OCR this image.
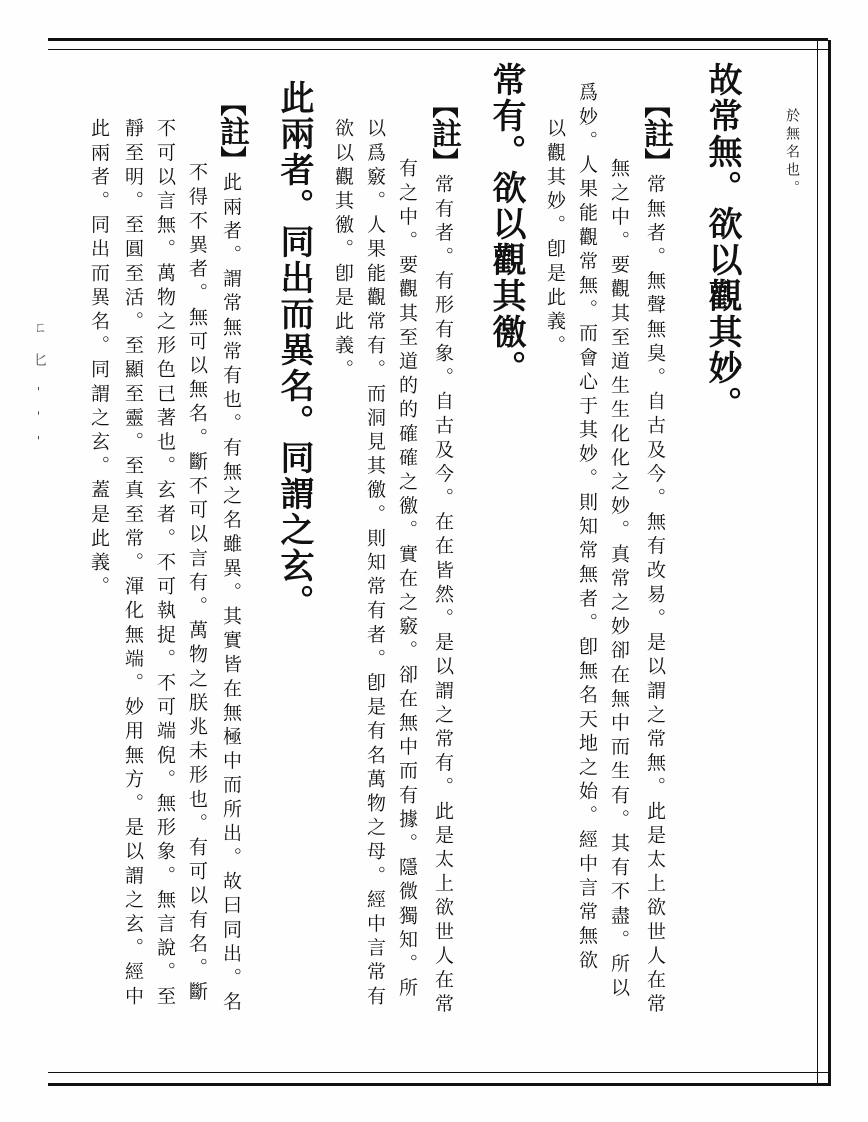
ㄈ 匕 - - -
於無名也。
故常無。欲以觀其妙。
【註】常無者。無聲無臭。自古及今。無有改易。是以謂之常無。此是太上欲世人在常
無之中。要觀其至道生生化化之妙。真常之妙卻在無中而生有。其有不盡。所以
爲妙。人果能觀常無。而會心于其妙。則知常無者。卽無名天地之始。經中言常無欲
以觀其妙。卽是此義。
常有。欲以觀其徼。
【註】常有者。有形有象。自古及今。在在皆然。是以謂之常有。此是太上欲世人在常
有之中。要觀其至道的的確確之徼。實在之竅。卻在無中而有據。隱微獨知。所
以爲竅。人果能觀常有。而洞見其徼。則知常有者。卽是有名萬物之母。經中言常有
欲以觀其徼。卽是此義。
此兩者。同出而異名。同謂之玄。
【註】此兩者。謂常無常有也。有無之名雖異。其實皆在無極中而所出。故曰同出。名
不得不異者。無可以無名。斷不可以言有。萬物之朕兆未形也。有可以有名。斷
不可以言無。萬物之形色已著也。玄者。不可執捉。不可端倪。無形象。無言說。至
靜至明。至圓至活。至顯至靈。至真至常。渾化無端。妙用無方。是以謂之玄。經中
此兩者。同出而異名。同謂之玄。蓋是此義。
